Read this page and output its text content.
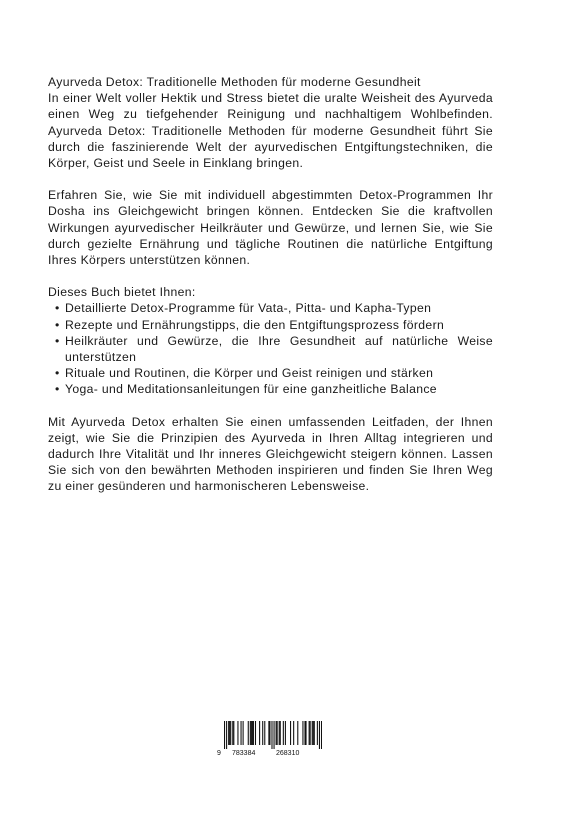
Ayurveda Detox: Traditionelle Methoden für moderne Gesundheit

In einer Welt voller Hektik und Stress bietet die uralte Weisheit des Ayurveda einen Weg zu tiefgehender Reinigung und nachhaltigem Wohlbefinden. Ayurveda Detox: Traditionelle Methoden für moderne Gesundheit führt Sie durch die faszinierende Welt der ayurvedischen Entgiftungstechniken, die Körper, Geist und Seele in Einklang bringen.

Erfahren Sie, wie Sie mit individuell abgestimmten Detox-Programmen Ihr Dosha ins Gleichgewicht bringen können. Entdecken Sie die kraftvollen Wirkungen ayurvedischer Heilkräuter und Gewürze, und lernen Sie, wie Sie durch gezielte Ernährung und tägliche Routinen die natürliche Entgiftung Ihres Körpers unterstützen können.

Dieses Buch bietet Ihnen:

• Detaillierte Detox-Programme für Vata-, Pitta- und Kapha-Typen
• Rezepte und Ernährungstipps, die den Entgiftungsprozess fördern
• Heilkräuter und Gewürze, die Ihre Gesundheit auf natürliche Weise unterstützen
• Rituale und Routinen, die Körper und Geist reinigen und stärken
• Yoga- und Meditationsanleitungen für eine ganzheitliche Balance

Mit Ayurveda Detox erhalten Sie einen umfassenden Leitfaden, der Ihnen zeigt, wie Sie die Prinzipien des Ayurveda in Ihren Alltag integrieren und dadurch Ihre Vitalität und Ihr inneres Gleichgewicht steigern können. Lassen Sie sich von den bewährten Methoden inspirieren und finden Sie Ihren Weg zu einer gesünderen und harmonischeren Lebensweise.

9 783384	268310
